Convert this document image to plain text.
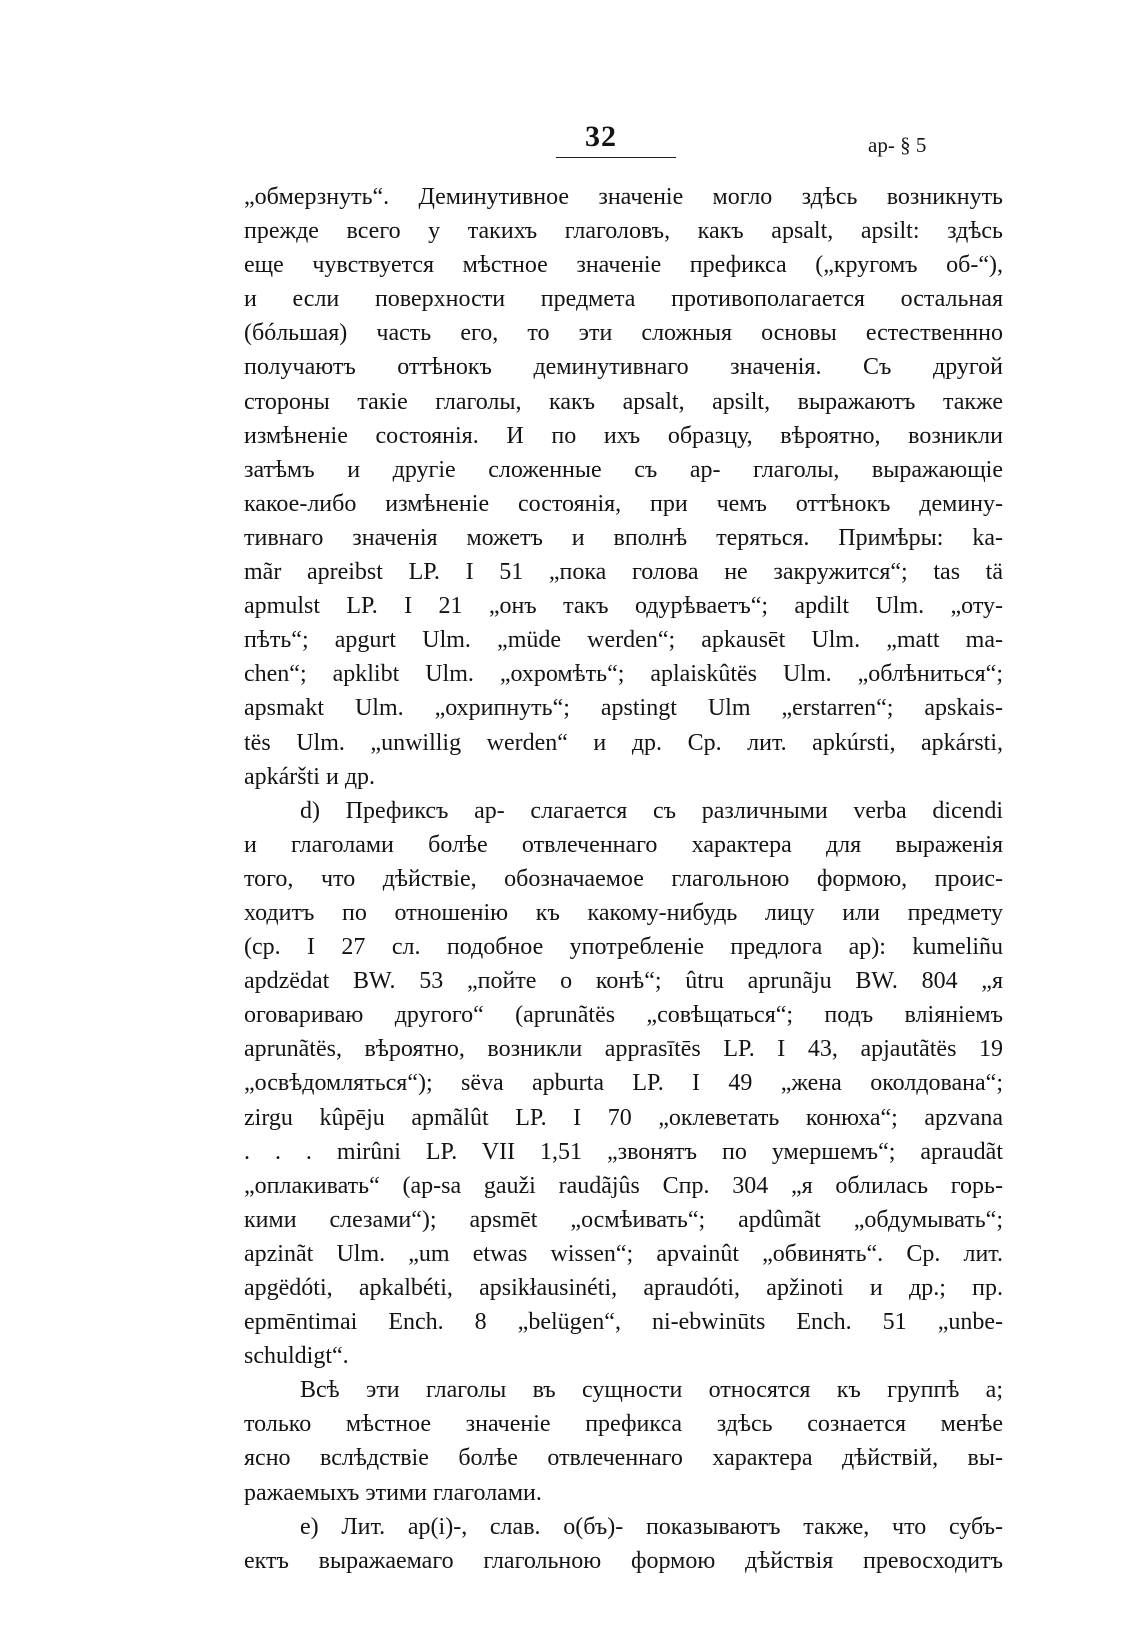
32	ap- § 5
„обмерзнуть“. Деминутивное значеніе могло здѣсь возникнуть
прежде всего у такихъ глаголовъ, какъ apsalt, apsilt: здѣсь
еще чувствуется мѣстное значеніе префикса („кругомъ об-“),
и если поверхности предмета противополагается остальная
(бóльшая) часть его, то эти сложныя основы естественнно
получаютъ оттѣнокъ деминутивнаго значенія. Съ другой
стороны такіе глаголы, какъ apsalt, apsilt, выражаютъ также
измѣненіе состоянія. И по ихъ образцу, вѣроятно, возникли
затѣмъ и другіе сложенные съ ap- глаголы, выражающіе
какое-либо измѣненіе состоянія, при чемъ оттѣнокъ демину-
тивнаго значенія можетъ и вполнѣ теряться. Примѣры: ka-
mãr apreibst LP. I 51 „пока голова не закружится“; tas tä
apmulst LP. I 21 „онъ такъ одурѣваетъ“; apdilt Ulm. „оту-
пѣть“; apgurt Ulm. „müde werden“; apkausēt Ulm. „matt ma-
chen“; apklibt Ulm. „охромѣть“; aplaiskûtës Ulm. „облѣниться“;
apsmakt Ulm. „охрипнуть“; apstingt Ulm „erstarren“; apskais-
tës Ulm. „unwillig werden“ и др. Ср. лит. apkúrsti, apkársti,
apkáršti и др.
d) Префиксъ ap- слагается съ различными verba dicendi
и глаголами болѣе отвлеченнаго характера для выраженія
того, что дѣйствіе, обозначаемое глагольною формою, проис-
ходитъ по отношенію къ какому-нибудь лицу или предмету
(ср. I 27 сл. подобное употребленіе предлога ap): kumeliñu
apdzëdat BW. 53 „пойте о конѣ“; ûtru aprunãju BW. 804 „я
оговариваю другого“ (aprunãtës „совѣщаться“; подъ вліяніемъ
aprunãtës, вѣроятно, возникли apprasītēs LP. I 43, apjautãtës 19
„освѣдомляться“); sëva apburta LP. I 49 „жена околдована“;
zirgu kûpēju apmãlût LP. I 70 „оклеветать конюха“; apzvana
. . . mirûni LP. VII 1,51 „звонятъ по умершемъ“; apraudãt
„оплакивать“ (ap-sa gauži raudãjûs Спр. 304 „я облилась горь-
кими слезами“); apsmēt „осмѣивать“; apdûmãt „обдумывать“;
apzinãt Ulm. „um etwas wissen“; apvainût „обвинять“. Ср. лит.
apgëdóti, apkalbéti, apsikłausinéti, apraudóti, apžinoti и др.; пр.
epmēntimai Ench. 8 „belügen“, ni-ebwinūts Ench. 51 „unbe-
schuldigt“.
Всѣ эти глаголы въ сущности относятся къ группѣ a;
только мѣстное значеніе префикса здѣсь сознается менѣе
ясно вслѣдствіе болѣе отвлеченнаго характера дѣйствій, вы-
ражаемыхъ этими глаголами.
e) Лит. ap(i)-, слав. о(бъ)- показываютъ также, что субъ-
ектъ выражаемаго глагольною формою дѣйствія превосходитъ
